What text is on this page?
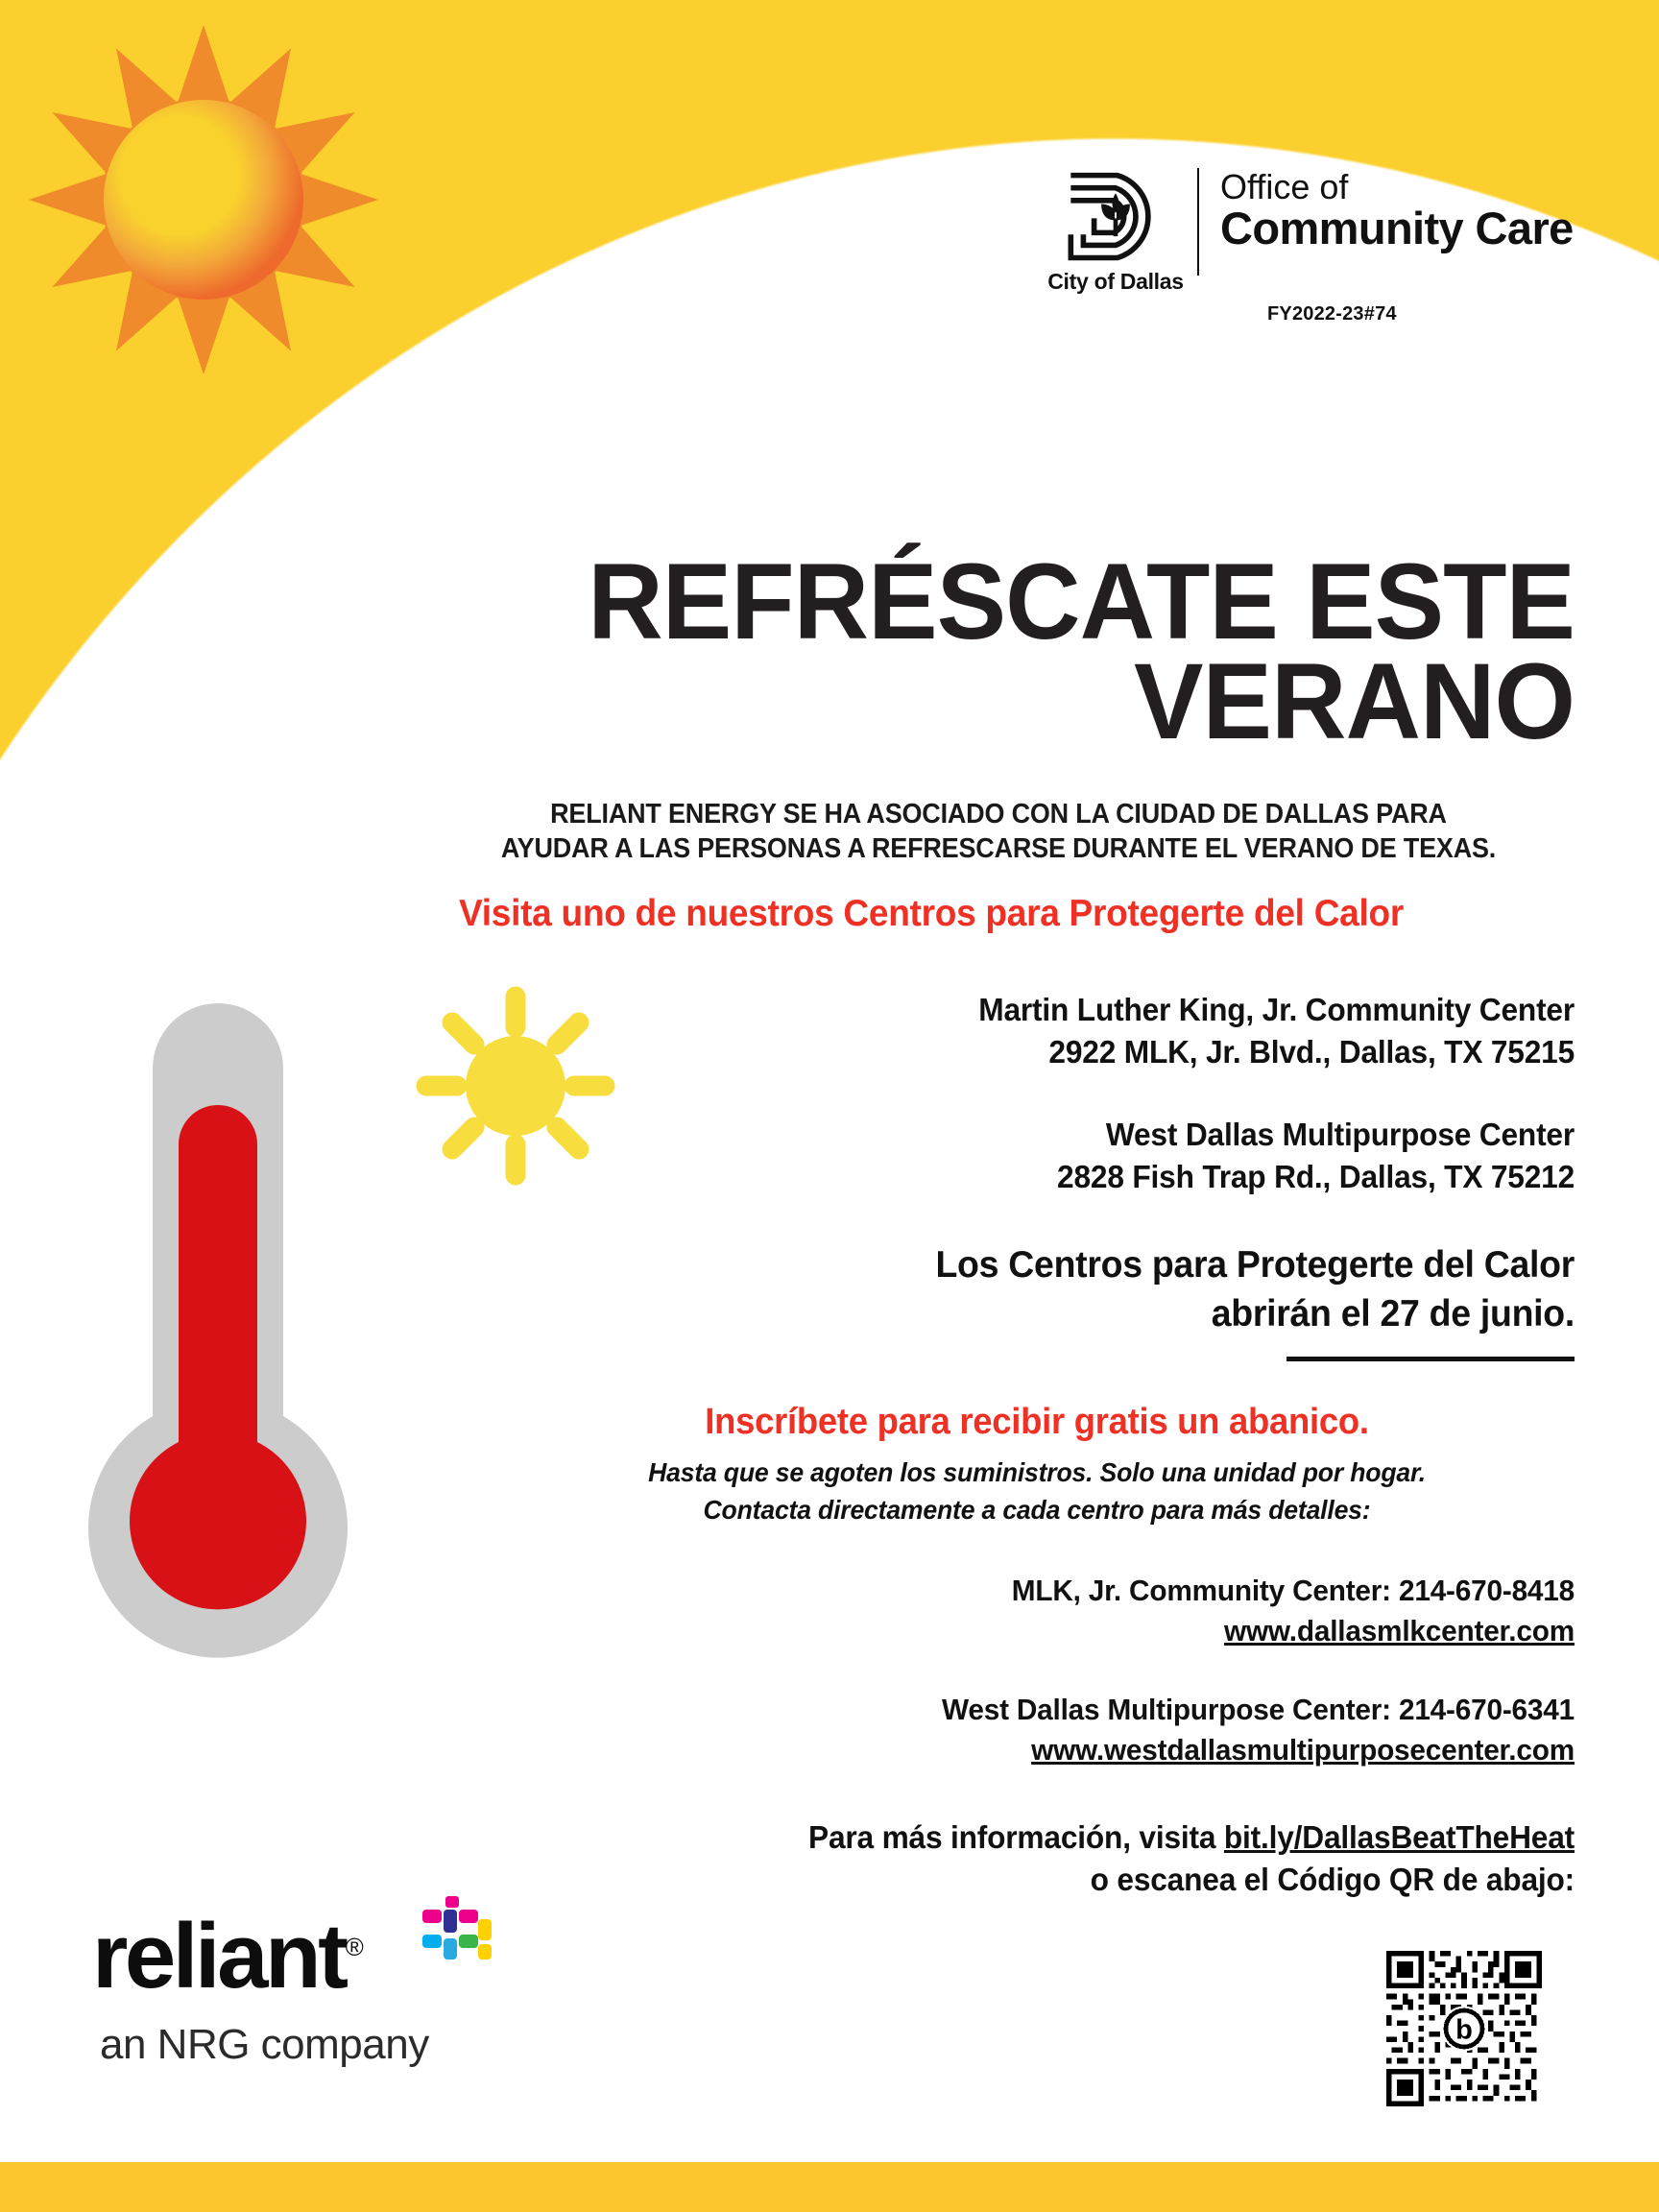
City of Dallas
Office of
Community Care
FY2022-23#74
REFRÉSCATE ESTE
VERANO
RELIANT ENERGY SE HA ASOCIADO CON LA CIUDAD DE DALLAS PARA
AYUDAR A LAS PERSONAS A REFRESCARSE DURANTE EL VERANO DE TEXAS.
Visita uno de nuestros Centros para Protegerte del Calor
Martin Luther King, Jr. Community Center
2922 MLK, Jr. Blvd., Dallas, TX 75215
West Dallas Multipurpose Center
2828 Fish Trap Rd., Dallas, TX 75212
Los Centros para Protegerte del Calor
abrirán el 27 de junio.
Inscríbete para recibir gratis un abanico.
Hasta que se agoten los suministros. Solo una unidad por hogar.
Contacta directamente a cada centro para más detalles:
MLK, Jr. Community Center: 214-670-8418
www.dallasmlkcenter.com
West Dallas Multipurpose Center: 214-670-6341
www.westdallasmultipurposecenter.com
Para más información, visita bit.ly/DallasBeatTheHeat
o escanea el Código QR de abajo:
reliant®
an NRG company	b
